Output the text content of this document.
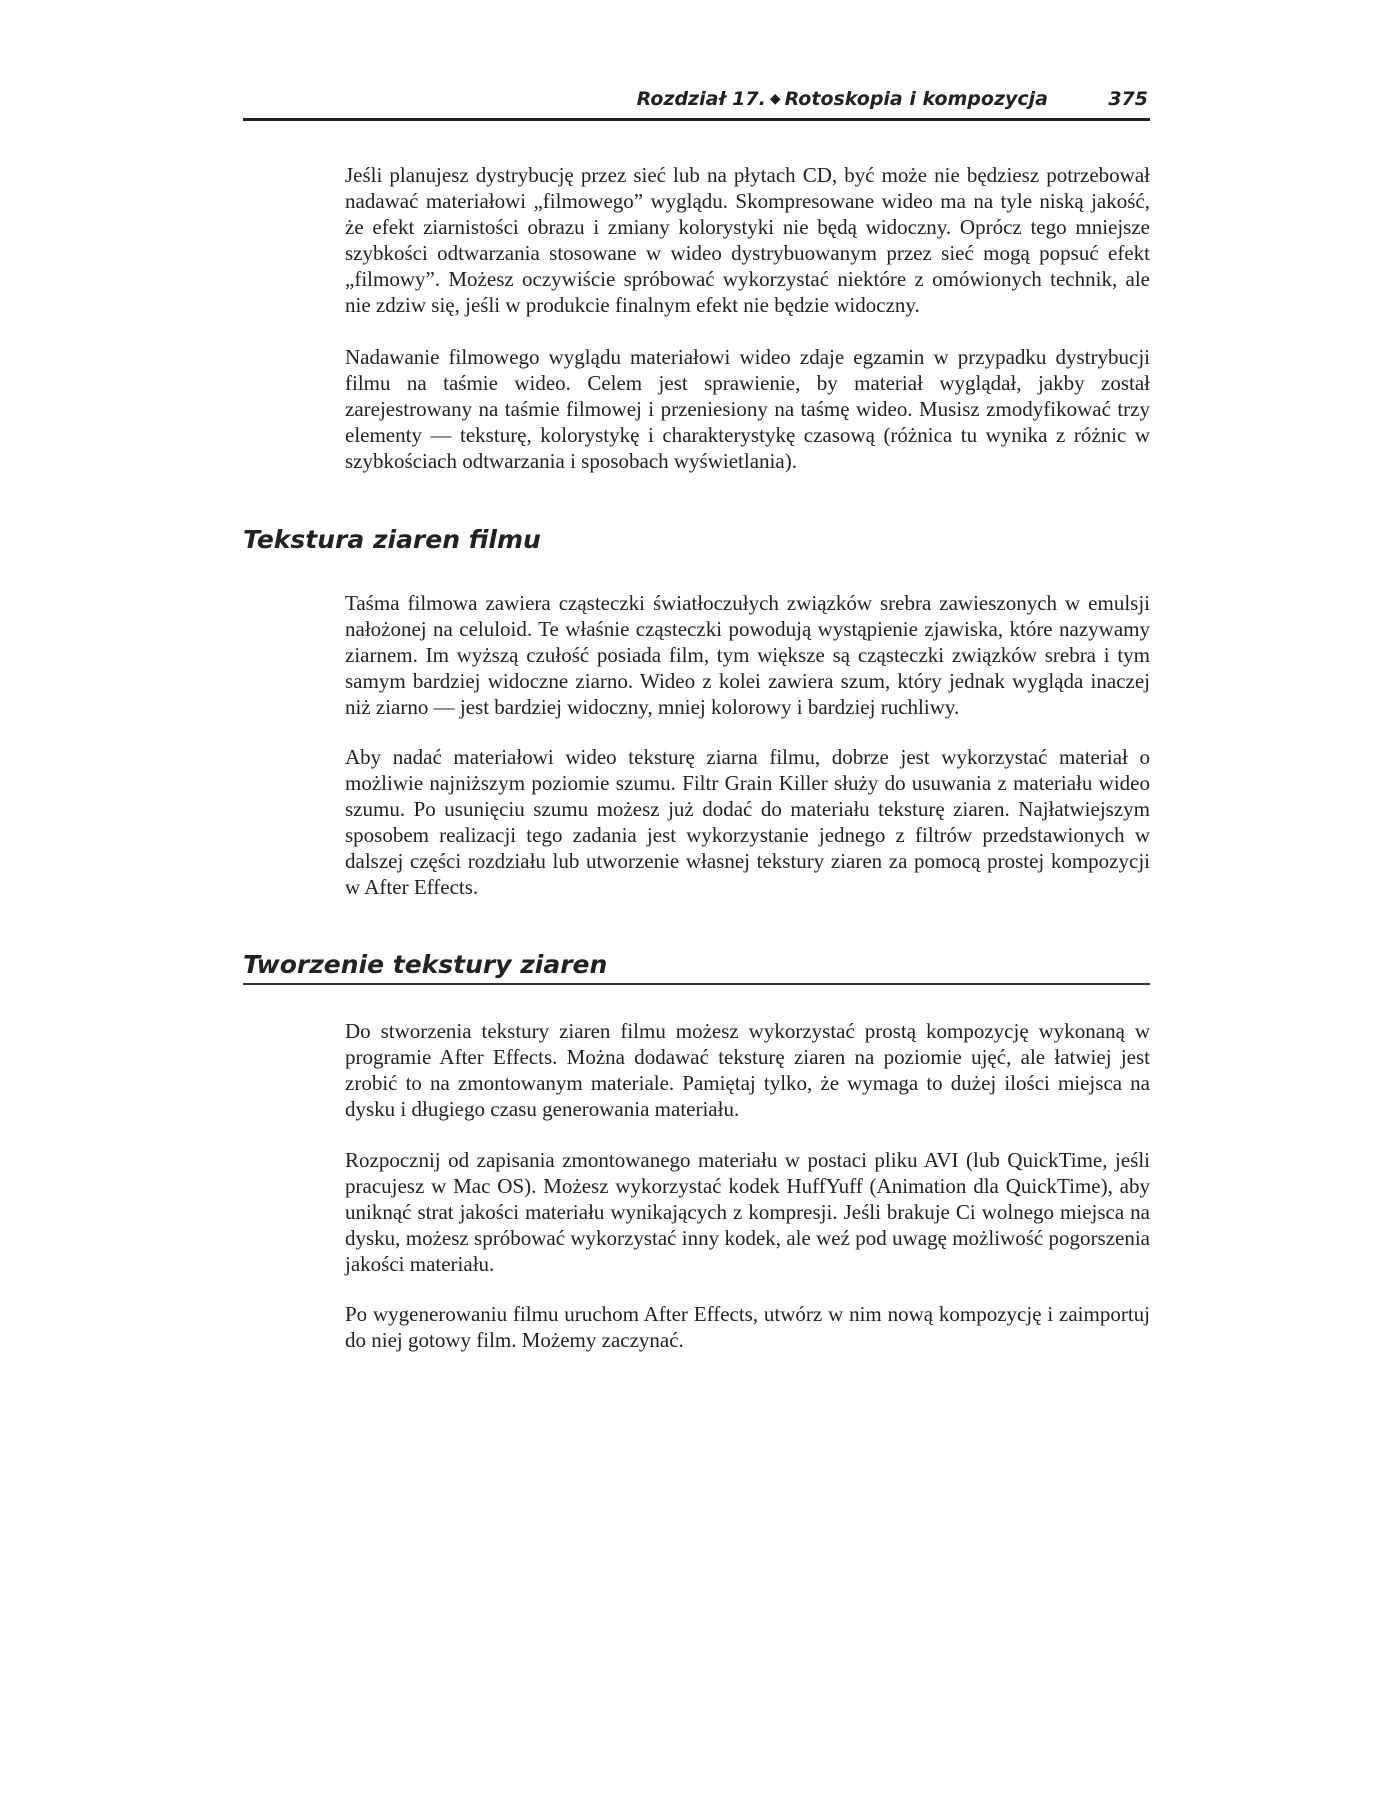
Rozdział 17. ◆ Rotoskopia i kompozycja	375

Jeśli planujesz dystrybucję przez sieć lub na płytach CD, być może nie będziesz potrzebował nadawać materiałowi „filmowego” wyglądu. Skompresowane wideo ma na tyle niską jakość, że efekt ziarnistości obrazu i zmiany kolorystyki nie będą widoczny. Oprócz tego mniejsze szybkości odtwarzania stosowane w wideo dystrybuowanym przez sieć mogą popsuć efekt „filmowy”. Możesz oczywiście spróbować wykorzystać niektóre z omówionych technik, ale nie zdziw się, jeśli w produkcie finalnym efekt nie będzie widoczny.

Nadawanie filmowego wyglądu materiałowi wideo zdaje egzamin w przypadku dystrybucji filmu na taśmie wideo. Celem jest sprawienie, by materiał wyglądał, jakby został zarejestrowany na taśmie filmowej i przeniesiony na taśmę wideo. Musisz zmodyfikować trzy elementy — teksturę, kolorystykę i charakterystykę czasową (różnica tu wynika z różnic w szybkościach odtwarzania i sposobach wyświetlania).

Tekstura ziaren filmu

Taśma filmowa zawiera cząsteczki światłoczułych związków srebra zawieszonych w emulsji nałożonej na celuloid. Te właśnie cząsteczki powodują wystąpienie zjawiska, które nazywamy ziarnem. Im wyższą czułość posiada film, tym większe są cząsteczki związków srebra i tym samym bardziej widoczne ziarno. Wideo z kolei zawiera szum, który jednak wygląda inaczej niż ziarno — jest bardziej widoczny, mniej kolorowy i bardziej ruchliwy.

Aby nadać materiałowi wideo teksturę ziarna filmu, dobrze jest wykorzystać materiał o możliwie najniższym poziomie szumu. Filtr Grain Killer służy do usuwania z materiału wideo szumu. Po usunięciu szumu możesz już dodać do materiału teksturę ziaren. Najłatwiejszym sposobem realizacji tego zadania jest wykorzystanie jednego z filtrów przedstawionych w dalszej części rozdziału lub utworzenie własnej tekstury ziaren za pomocą prostej kompozycji w After Effects.

Tworzenie tekstury ziaren

Do stworzenia tekstury ziaren filmu możesz wykorzystać prostą kompozycję wykonaną w programie After Effects. Można dodawać teksturę ziaren na poziomie ujęć, ale łatwiej jest zrobić to na zmontowanym materiale. Pamiętaj tylko, że wymaga to dużej ilości miejsca na dysku i długiego czasu generowania materiału.

Rozpocznij od zapisania zmontowanego materiału w postaci pliku AVI (lub QuickTime, jeśli pracujesz w Mac OS). Możesz wykorzystać kodek HuffYuff (Animation dla QuickTime), aby uniknąć strat jakości materiału wynikających z kompresji. Jeśli brakuje Ci wolnego miejsca na dysku, możesz spróbować wykorzystać inny kodek, ale weź pod uwagę możliwość pogorszenia jakości materiału.

Po wygenerowaniu filmu uruchom After Effects, utwórz w nim nową kompozycję i zaimportuj do niej gotowy film. Możemy zaczynać.
